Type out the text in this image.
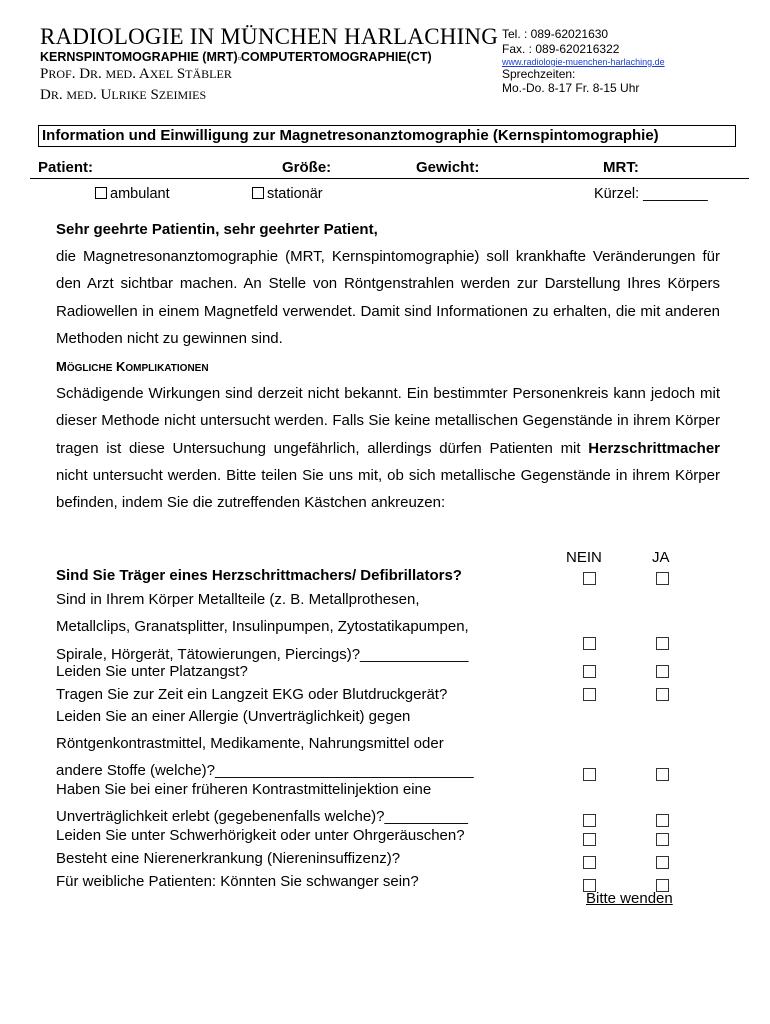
RADIOLOGIE IN MÜNCHEN HARLACHING
KERNSPINTOMOGRAPHIE (MRT)▫COMPUTERTOMOGRAPHIE(CT)
PROF. DR. MED. AXEL STÄBLER
DR. MED. ULRIKE SZEIMIES
Tel. : 089-62021630
Fax. : 089-620216322
www.radiologie-muenchen-harlaching.de
Sprechzeiten:
Mo.-Do. 8-17 Fr. 8-15 Uhr
Information und Einwilligung zur Magnetresonanztomographie (Kernspintomographie)
Patient:	Größe:	Gewicht:	MRT:
ambulant	stationär	Kürzel: ________
Sehr geehrte Patientin, sehr geehrter Patient,
die Magnetresonanztomographie (MRT, Kernspintomographie) soll krankhafte Veränderungen für den Arzt sichtbar machen. An Stelle von Röntgenstrahlen werden zur Darstellung Ihres Körpers Radiowellen in einem Magnetfeld verwendet. Damit sind Informationen zu erhalten, die mit anderen Methoden nicht zu gewinnen sind.
MÖGLICHE KOMPLIKATIONEN
Schädigende Wirkungen sind derzeit nicht bekannt. Ein bestimmter Personenkreis kann jedoch mit dieser Methode nicht untersucht werden. Falls Sie keine metallischen Gegenstände in ihrem Körper tragen ist diese Untersuchung ungefährlich, allerdings dürfen Patienten mit Herzschrittmacher nicht untersucht werden. Bitte teilen Sie uns mit, ob sich metallische Gegenstände in ihrem Körper befinden, indem Sie die zutreffenden Kästchen ankreuzen:
NEIN	JA
Sind Sie Träger eines Herzschrittmachers/ Defibrillators?
Sind in Ihrem Körper Metallteile (z. B. Metallprothesen,
Metallclips, Granatsplitter, Insulinpumpen, Zytostatikapumpen,
Spirale, Hörgerät, Tätowierungen, Piercings)?_____________
Leiden Sie unter Platzangst?
Tragen Sie zur Zeit ein Langzeit EKG oder Blutdruckgerät?
Leiden Sie an einer Allergie (Unverträglichkeit) gegen
Röntgenkontrastmittel, Medikamente, Nahrungsmittel oder
andere Stoffe (welche)?_______________________________
Haben Sie bei einer früheren Kontrastmittelinjektion eine
Unverträglichkeit erlebt (gegebenenfalls welche)?__________
Leiden Sie unter Schwerhörigkeit oder unter Ohrgeräuschen?
Besteht eine Nierenerkrankung (Niereninsuffizenz)?
Für weibliche Patienten: Könnten Sie schwanger sein?
Bitte wenden
